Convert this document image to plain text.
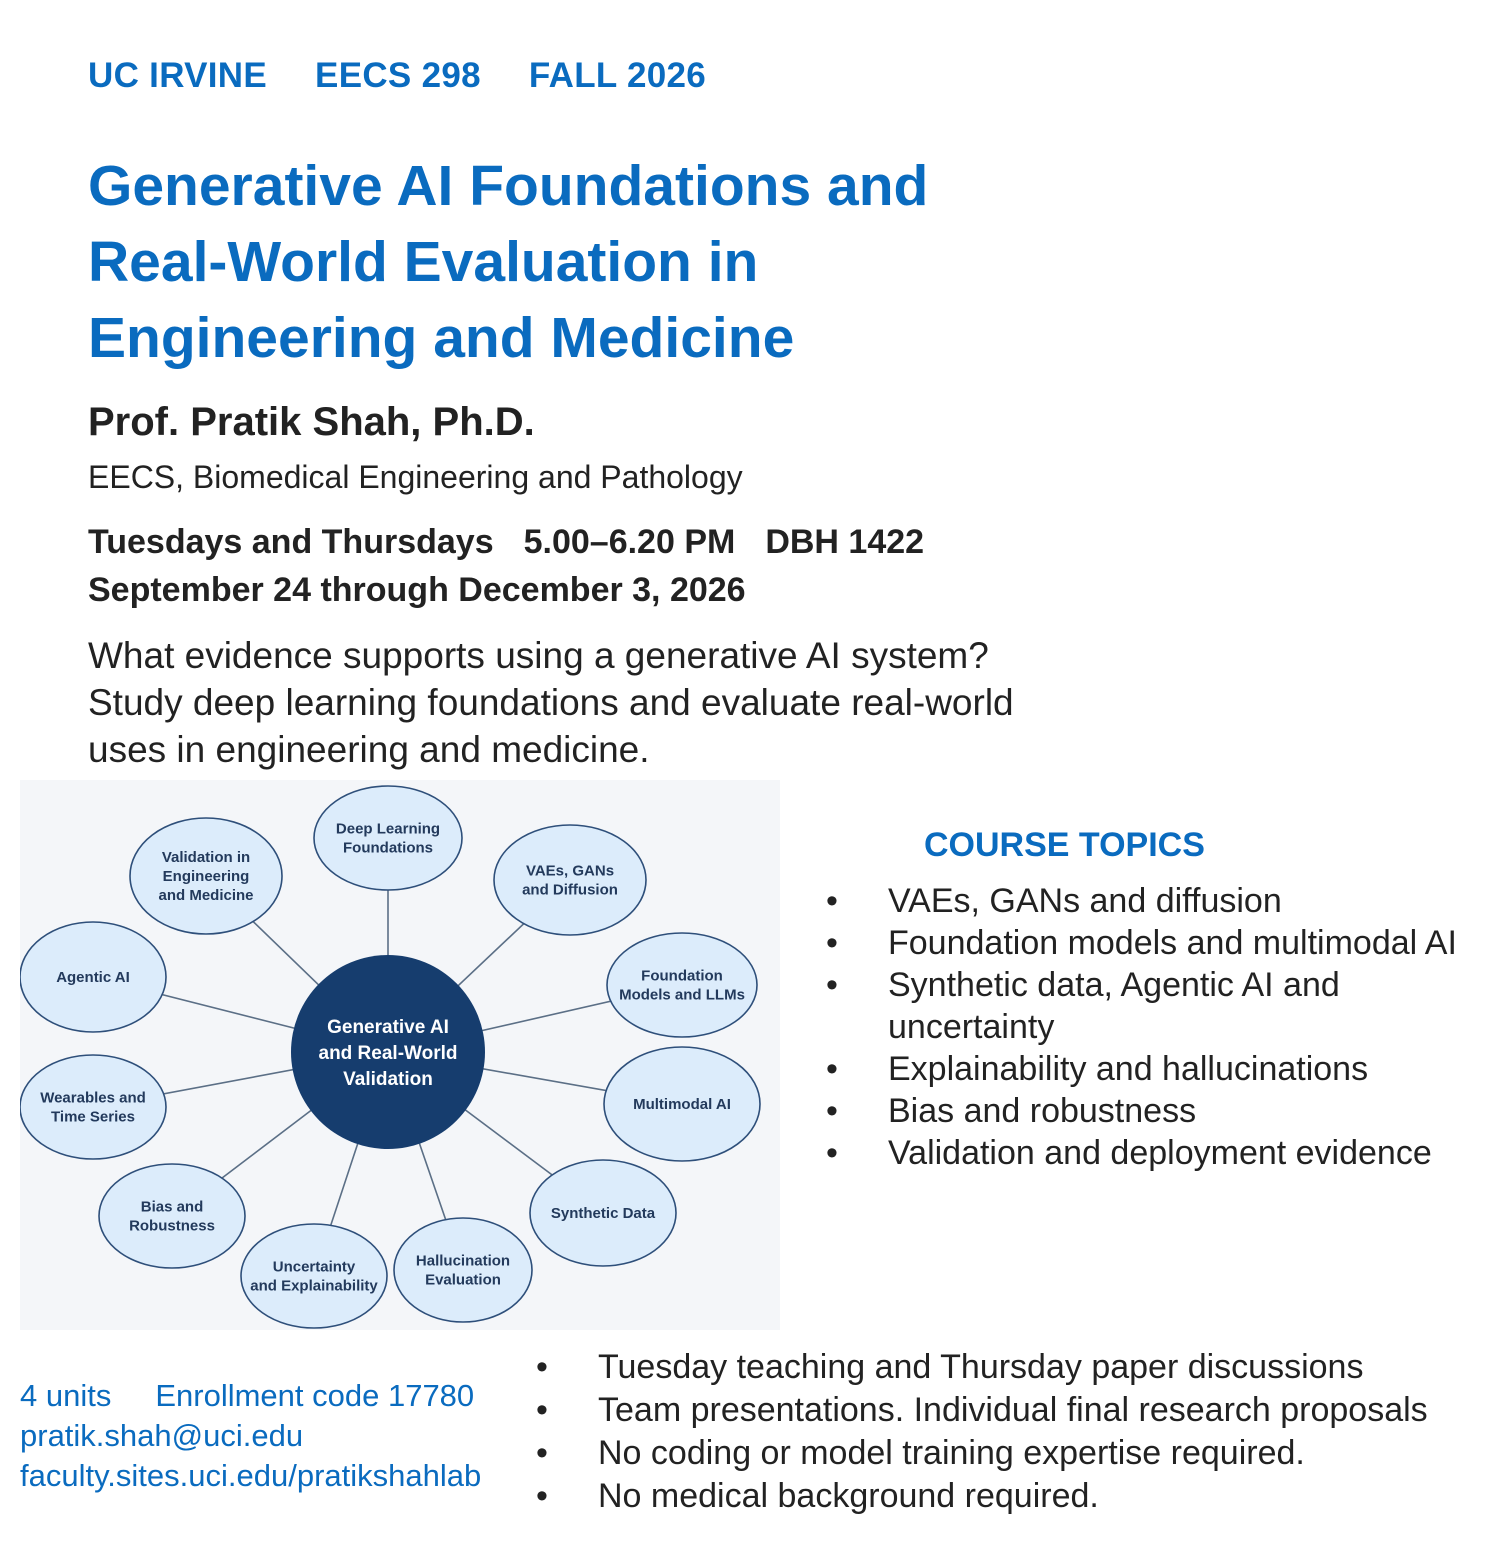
UC IRVINE EECS 298 FALL 2026
Generative AI Foundations and
Real-World Evaluation in
Engineering and Medicine
Prof. Pratik Shah, Ph.D.
EECS, Biomedical Engineering and Pathology
Tuesdays and Thursdays 5.00–6.20 PM DBH 1422
September 24 through December 3, 2026
What evidence supports using a generative AI system?
Study deep learning foundations and evaluate real-world
uses in engineering and medicine.
Deep Learning
Foundations
VAEs, GANs
and Diffusion
Foundation
Models and LLMs
Multimodal AI
Synthetic Data
Hallucination
Evaluation
Uncertainty
and Explainability
Bias and
Robustness
Wearables and
Time Series
Agentic AI
Validation in
Engineering
and Medicine
Generative AI
and Real-World
Validation
COURSE TOPICS
• VAEs, GANs and diffusion
• Foundation models and multimodal AI
• Synthetic data, Agentic AI and uncertainty
• Explainability and hallucinations
• Bias and robustness
• Validation and deployment evidence
4 units Enrollment code 17780
pratik.shah@uci.edu
faculty.sites.uci.edu/pratikshahlab
• Tuesday teaching and Thursday paper discussions
• Team presentations. Individual final research proposals
• No coding or model training expertise required.
• No medical background required.
